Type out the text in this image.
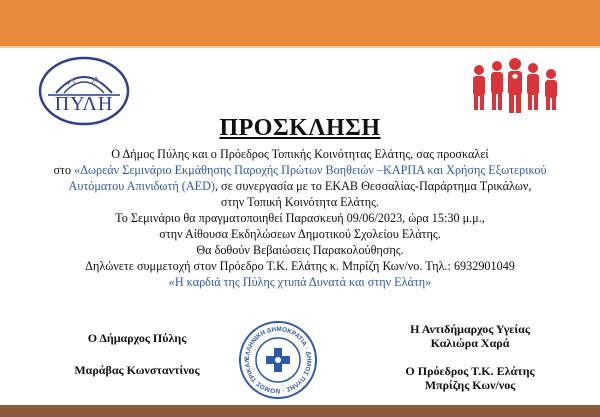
ΠΥΛΗ
ΠΡΟΣΚΛΗΣΗ

Ο Δήμος Πύλης και ο Πρόεδρος Τοπικής Κοινότητας Ελάτης, σας προσκαλεί

στο «Δωρεάν Σεμινάριο Εκμάθησης Παροχής Πρώτων Βοηθειών –ΚΑΡΠΑ και Χρήσης Εξωτερικού

Αυτόματου Απινιδωτή (AED), σε συνεργασία με το ΕΚΑΒ Θεσσαλίας-Παράρτημα Τρικάλων,

στην Τοπική Κοινότητα Ελάτης.

Το Σεμινάριο θα πραγματοποιηθεί Παρασκευή 09/06/2023, ώρα 15:30 μ.μ.,

στην Αίθουσα Εκδηλώσεων Δημοτικού Σχολείου Ελάτης.

Θα δοθούν Βεβαιώσεις Παρακολούθησης.

Δηλώνετε συμμετοχή στον Πρόεδρο Τ.Κ. Ελάτης κ. Μπρίζη Κων/νο. Τηλ.: 6932901049

«Η καρδιά της Πύλης χτυπά Δυνατά και στην Ελάτη»

Ο Δήμαρχος Πύλης
Μαράβας Κωνσταντίνος
ΕΛΛΗΝΙΚΗ ΔΗΜΟΚΡΑΤΙΑ · ΔΗΜΟΣ ΠΥΛΗΣ · ΝΟΜΟΣ ΤΡΙΚΑΛ
Η Αντιδήμαρχος Υγείας
Καλιώρα Χαρά
Ο Πρόεδρος Τ.Κ. Ελάτης
Μπρίζης Κων/νος
